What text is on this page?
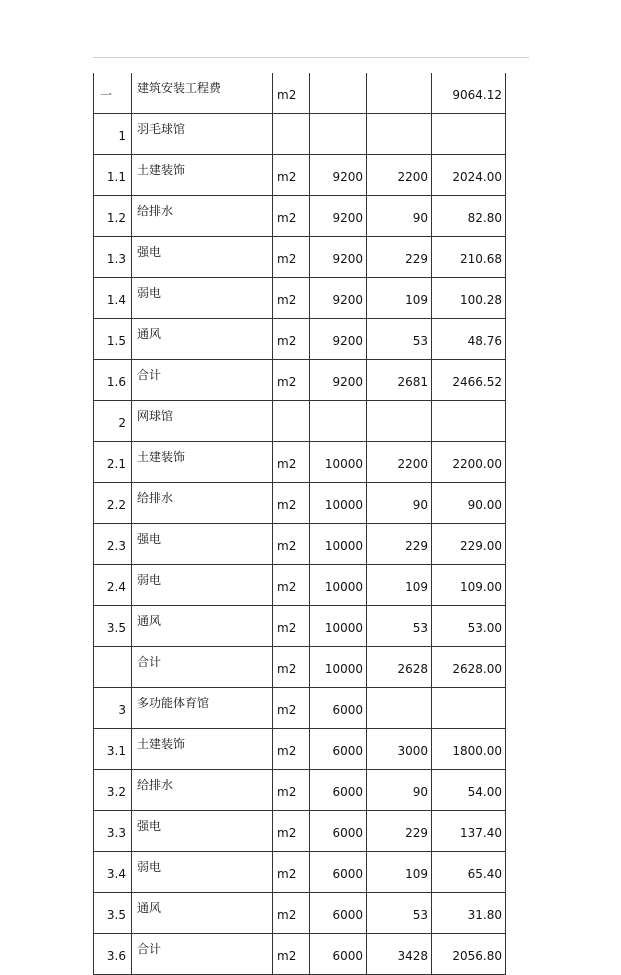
一	建筑安装工程费	m2			9064.12
1	羽毛球馆				
1.1	土建装饰	m2	9200	2200	2024.00
1.2	给排水	m2	9200	90	82.80
1.3	强电	m2	9200	229	210.68
1.4	弱电	m2	9200	109	100.28
1.5	通风	m2	9200	53	48.76
1.6	合计	m2	9200	2681	2466.52
2	网球馆				
2.1	土建装饰	m2	10000	2200	2200.00
2.2	给排水	m2	10000	90	90.00
2.3	强电	m2	10000	229	229.00
2.4	弱电	m2	10000	109	109.00
3.5	通风	m2	10000	53	53.00
	合计	m2	10000	2628	2628.00
3	多功能体育馆	m2	6000		
3.1	土建装饰	m2	6000	3000	1800.00
3.2	给排水	m2	6000	90	54.00
3.3	强电	m2	6000	229	137.40
3.4	弱电	m2	6000	109	65.40
3.5	通风	m2	6000	53	31.80
3.6	合计	m2	6000	3428	2056.80
